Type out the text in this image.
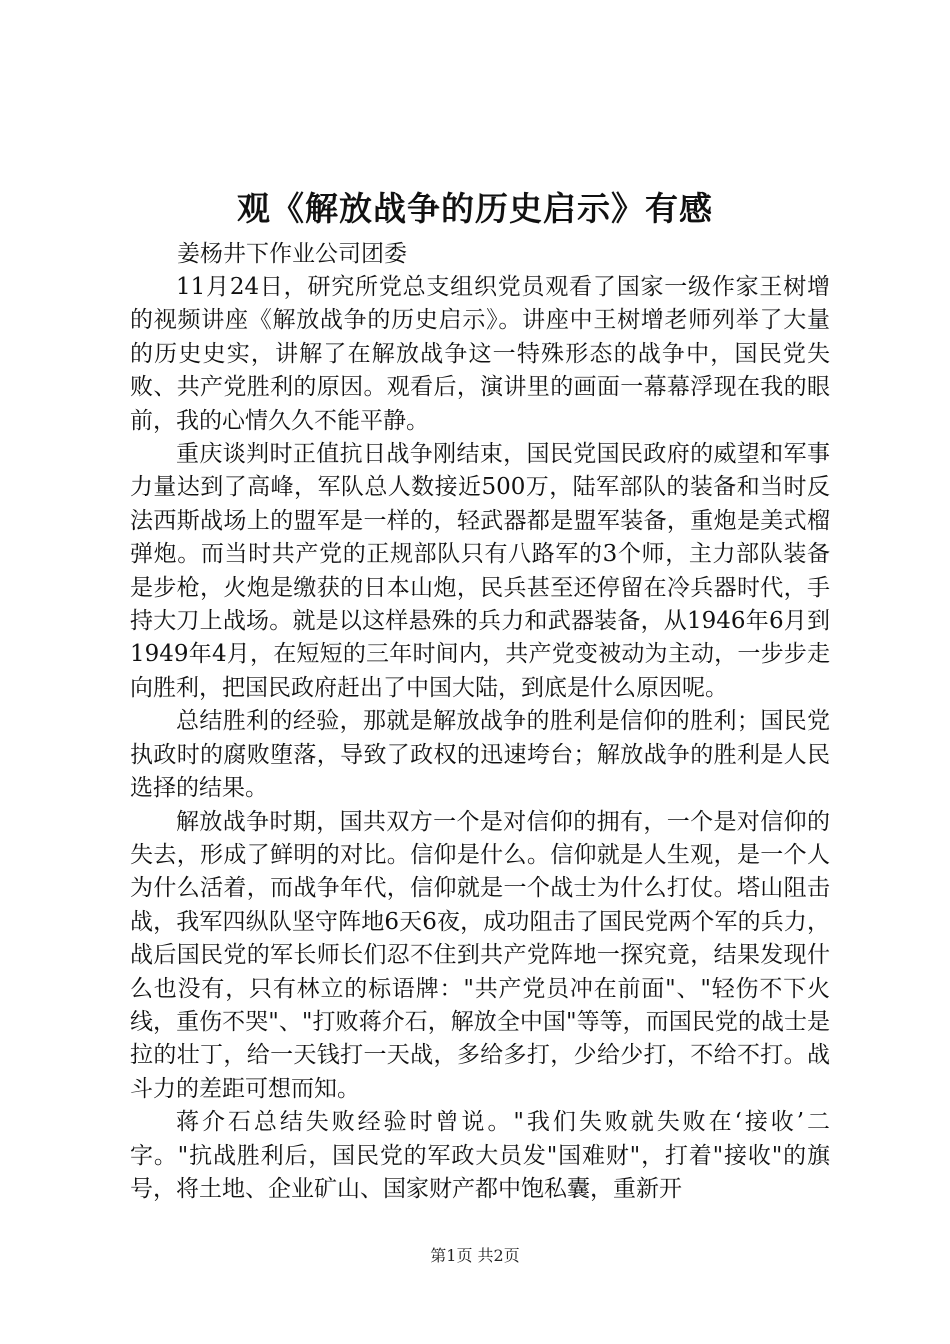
观《解放战争的历史启示》有感

姜杨井下作业公司团委

11月24日，研究所党总支组织党员观看了国家一级作家王树增的视频讲座《解放战争的历史启示》。讲座中王树增老师列举了大量的历史史实，讲解了在解放战争这一特殊形态的战争中，国民党失败、共产党胜利的原因。观看后，演讲里的画面一幕幕浮现在我的眼前，我的心情久久不能平静。

重庆谈判时正值抗日战争刚结束，国民党国民政府的威望和军事力量达到了高峰，军队总人数接近500万，陆军部队的装备和当时反法西斯战场上的盟军是一样的，轻武器都是盟军装备，重炮是美式榴弹炮。而当时共产党的正规部队只有八路军的3个师，主力部队装备是步枪，火炮是缴获的日本山炮，民兵甚至还停留在冷兵器时代，手持大刀上战场。就是以这样悬殊的兵力和武器装备，从1946年6月到1949年4月，在短短的三年时间内，共产党变被动为主动，一步步走向胜利，把国民政府赶出了中国大陆，到底是什么原因呢。

总结胜利的经验，那就是解放战争的胜利是信仰的胜利；国民党执政时的腐败堕落，导致了政权的迅速垮台；解放战争的胜利是人民选择的结果。

解放战争时期，国共双方一个是对信仰的拥有，一个是对信仰的失去，形成了鲜明的对比。信仰是什么。信仰就是人生观，是一个人为什么活着，而战争年代，信仰就是一个战士为什么打仗。塔山阻击战，我军四纵队坚守阵地6天6夜，成功阻击了国民党两个军的兵力，战后国民党的军长师长们忍不住到共产党阵地一探究竟，结果发现什么也没有，只有林立的标语牌："共产党员冲在前面"、"轻伤不下火线，重伤不哭"、"打败蒋介石，解放全中国"等等，而国民党的战士是拉的壮丁，给一天钱打一天战，多给多打，少给少打，不给不打。战斗力的差距可想而知。

蒋介石总结失败经验时曾说。"我们失败就失败在‘接收’二字。"抗战胜利后，国民党的军政大员发"国难财"，打着"接收"的旗号，将土地、企业矿山、国家财产都中饱私囊，重新开

第1页 共2页
